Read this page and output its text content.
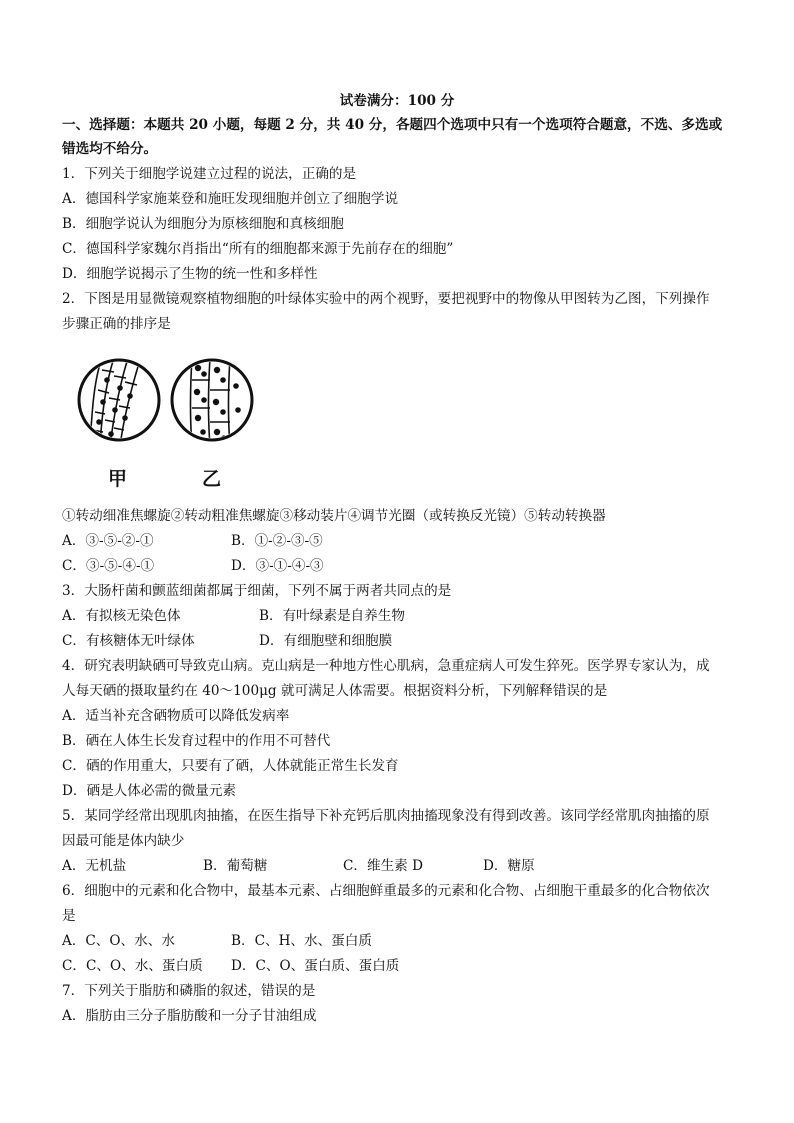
试卷满分：100 分
一、选择题：本题共 20 小题，每题 2 分，共 40 分，各题四个选项中只有一个选项符合题意，不选、多选或
错选均不给分。
1．下列关于细胞学说建立过程的说法，正确的是
A．德国科学家施莱登和施旺发现细胞并创立了细胞学说
B．细胞学说认为细胞分为原核细胞和真核细胞
C．德国科学家魏尔肖指出“所有的细胞都来源于先前存在的细胞”
D．细胞学说揭示了生物的统一性和多样性
2．下图是用显微镜观察植物细胞的叶绿体实验中的两个视野，要把视野中的物像从甲图转为乙图，下列操作
步骤正确的排序是
甲	乙
①转动细准焦螺旋②转动粗准焦螺旋③移动装片④调节光圈（或转换反光镜）⑤转动转换器
A．③-⑤-②-①	B．①-②-③-⑤
C．③-⑤-④-①	D．③-①-④-③
3．大肠杆菌和颤蓝细菌都属于细菌，下列不属于两者共同点的是
A．有拟核无染色体	B．有叶绿素是自养生物
C．有核糖体无叶绿体	D．有细胞壁和细胞膜
4．研究表明缺硒可导致克山病。克山病是一种地方性心肌病，急重症病人可发生猝死。医学界专家认为，成
人每天硒的摄取量约在 40～100μg 就可满足人体需要。根据资料分析，下列解释错误的是
A．适当补充含硒物质可以降低发病率
B．硒在人体生长发育过程中的作用不可替代
C．硒的作用重大，只要有了硒，人体就能正常生长发育
D．硒是人体必需的微量元素
5．某同学经常出现肌肉抽搐，在医生指导下补充钙后肌肉抽搐现象没有得到改善。该同学经常肌肉抽搐的原
因最可能是体内缺少
A．无机盐	B．葡萄糖	C．维生素 D	D．糖原
6．细胞中的元素和化合物中，最基本元素、占细胞鲜重最多的元素和化合物、占细胞干重最多的化合物依次
是
A．C、O、水、水	B．C、H、水、蛋白质
C．C、O、水、蛋白质 D．C、O、蛋白质、蛋白质
7．下列关于脂肪和磷脂的叙述，错误的是
A．脂肪由三分子脂肪酸和一分子甘油组成
